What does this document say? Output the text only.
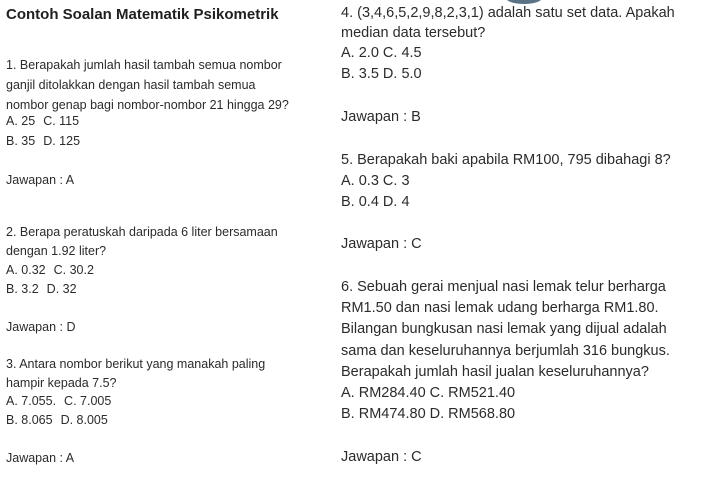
Contoh Soalan Matematik Psikometrik
1. Berapakah jumlah hasil tambah semua nombor
ganjil ditolakkan dengan hasil tambah semua
nombor genap bagi nombor-nombor 21 hingga 29?
A. 25 C. 115
B. 35 D. 125
Jawapan : A
2. Berapa peratuskah daripada 6 liter bersamaan
dengan 1.92 liter?
A. 0.32 C. 30.2
B. 3.2 D. 32
Jawapan : D
3. Antara nombor berikut yang manakah paling
hampir kepada 7.5?
A. 7.055. C. 7.005
B. 8.065 D. 8.005
Jawapan : A
4. (3,4,6,5,2,9,8,2,3,1) adalah satu set data. Apakah
median data tersebut?
A. 2.0 C. 4.5
B. 3.5 D. 5.0
Jawapan : B
5. Berapakah baki apabila RM100, 795 dibahagi 8?
A. 0.3 C. 3
B. 0.4 D. 4
Jawapan : C
6. Sebuah gerai menjual nasi lemak telur berharga
RM1.50 dan nasi lemak udang berharga RM1.80.
Bilangan bungkusan nasi lemak yang dijual adalah
sama dan keseluruhannya berjumlah 316 bungkus.
Berapakah jumlah hasil jualan keseluruhannya?
A. RM284.40 C. RM521.40
B. RM474.80 D. RM568.80
Jawapan : C
